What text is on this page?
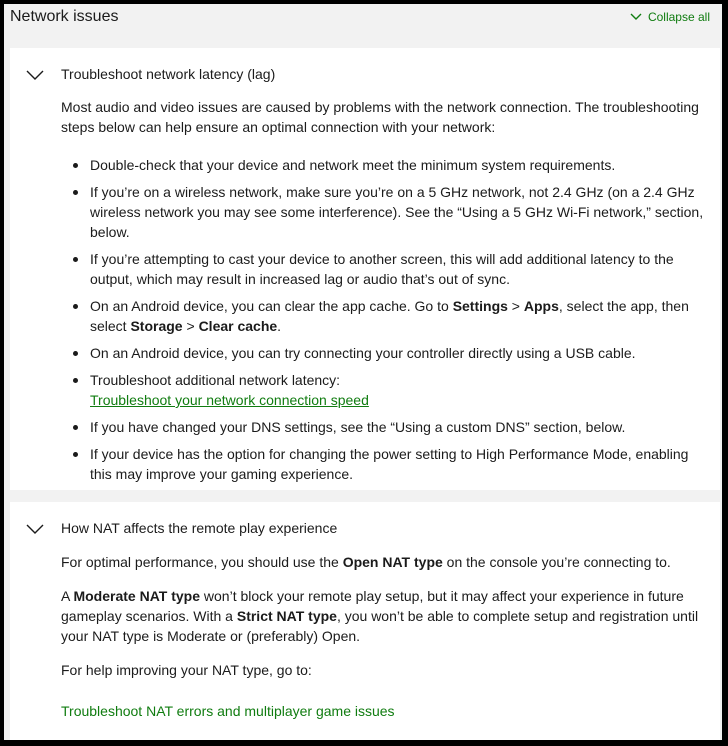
Network issues	Collapse all
Troubleshoot network latency (lag)
Most audio and video issues are caused by problems with the network connection. The troubleshooting steps below can help ensure an optimal connection with your network:
Double-check that your device and network meet the minimum system requirements.
If you’re on a wireless network, make sure you’re on a 5 GHz network, not 2.4 GHz (on a 2.4 GHz wireless network you may see some interference). See the “Using a 5 GHz Wi-Fi network,” section, below.
If you’re attempting to cast your device to another screen, this will add additional latency to the output, which may result in increased lag or audio that’s out of sync.
On an Android device, you can clear the app cache. Go to Settings > Apps, select the app, then select Storage > Clear cache.
On an Android device, you can try connecting your controller directly using a USB cable.
Troubleshoot additional network latency:
Troubleshoot your network connection speed
If you have changed your DNS settings, see the “Using a custom DNS” section, below.
If your device has the option for changing the power setting to High Performance Mode, enabling this may improve your gaming experience.
How NAT affects the remote play experience
For optimal performance, you should use the Open NAT type on the console you’re connecting to.
A Moderate NAT type won’t block your remote play setup, but it may affect your experience in future gameplay scenarios. With a Strict NAT type, you won’t be able to complete setup and registration until your NAT type is Moderate or (preferably) Open.
For help improving your NAT type, go to:
Troubleshoot NAT errors and multiplayer game issues
